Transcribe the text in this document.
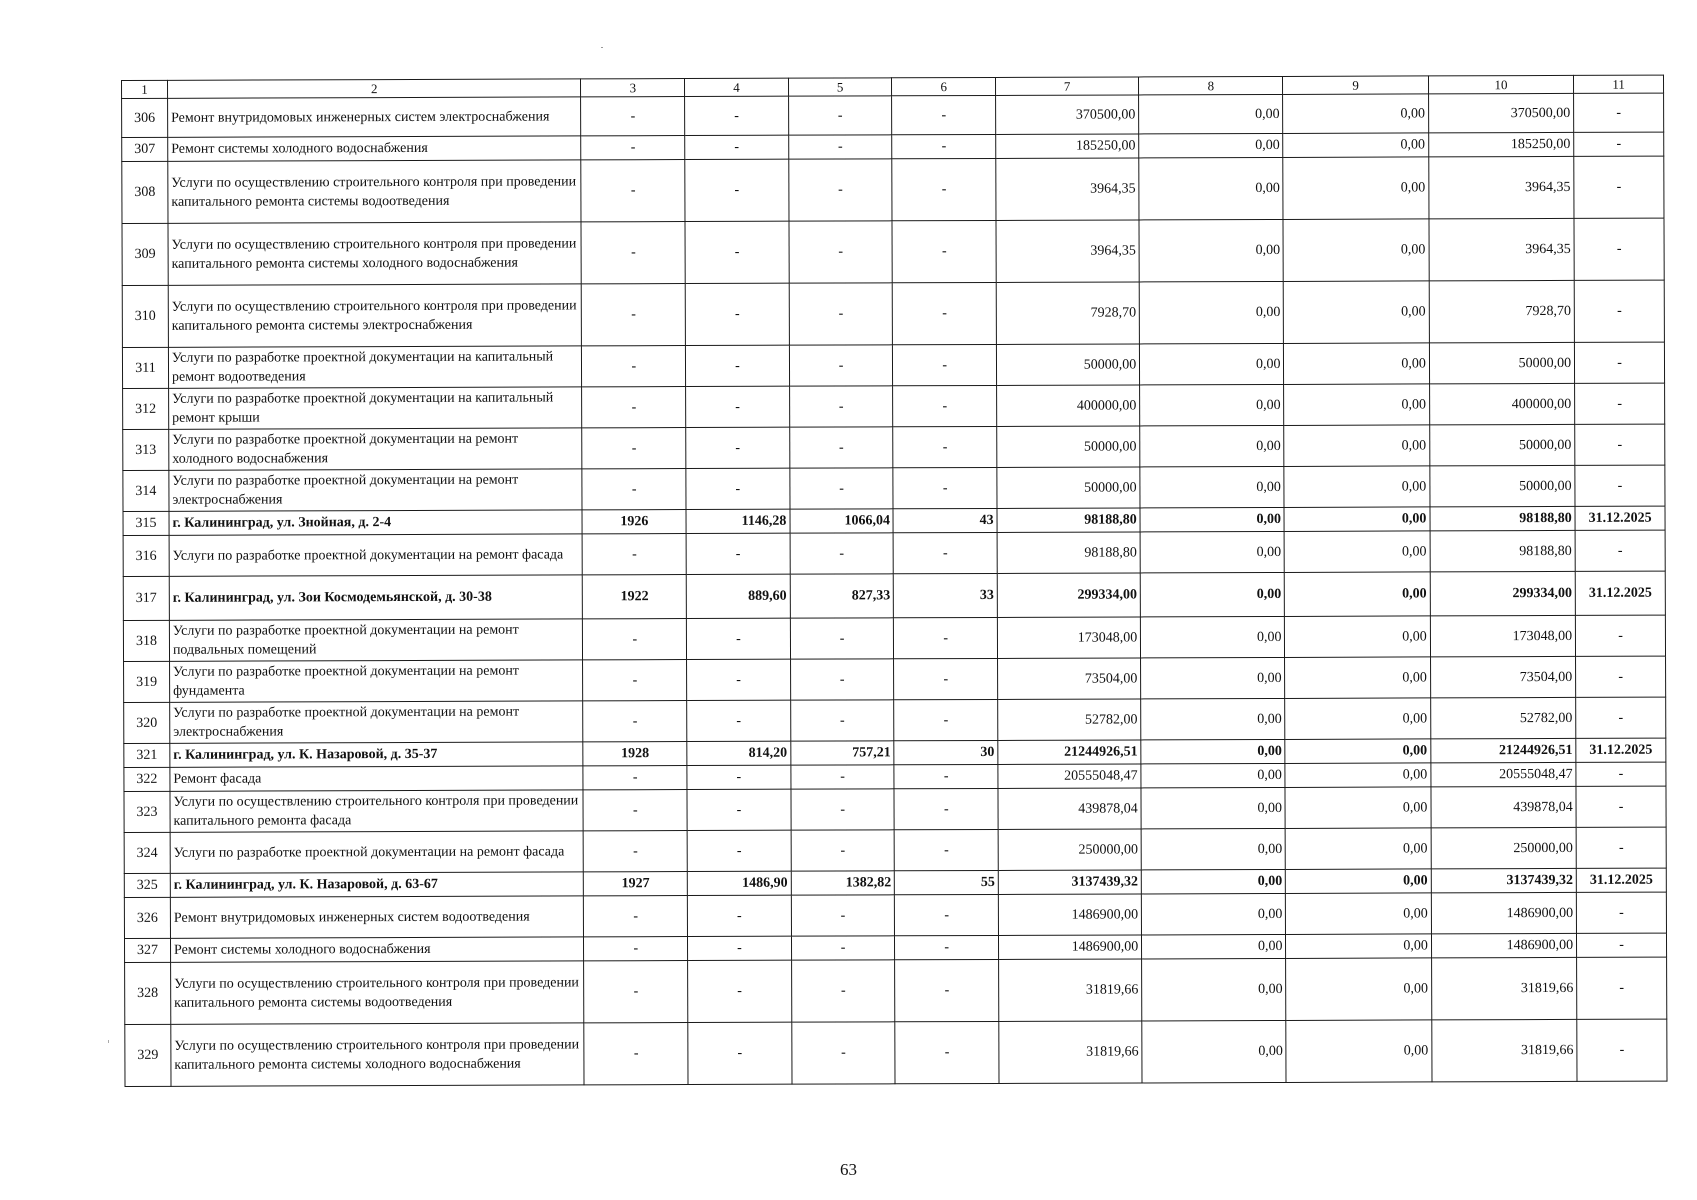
1	2	3	4	5	6	7	8	9	10	11
306	Ремонт внутридомовых инженерных систем электроснабжения	-	-	-	-	370500,00	0,00	0,00	370500,00	-
307	Ремонт системы холодного водоснабжения	-	-	-	-	185250,00	0,00	0,00	185250,00	-
308	Услуги по осуществлению строительного контроля при проведении капитального ремонта системы водоотведения	-	-	-	-	3964,35	0,00	0,00	3964,35	-
309	Услуги по осуществлению строительного контроля при проведении капитального ремонта системы холодного водоснабжения	-	-	-	-	3964,35	0,00	0,00	3964,35	-
310	Услуги по осуществлению строительного контроля при проведении капитального ремонта системы электроснабжения	-	-	-	-	7928,70	0,00	0,00	7928,70	-
311	Услуги по разработке проектной документации на капитальный ремонт водоотведения	-	-	-	-	50000,00	0,00	0,00	50000,00	-
312	Услуги по разработке проектной документации на капитальный ремонт крыши	-	-	-	-	400000,00	0,00	0,00	400000,00	-
313	Услуги по разработке проектной документации на ремонт холодного водоснабжения	-	-	-	-	50000,00	0,00	0,00	50000,00	-
314	Услуги по разработке проектной документации на ремонт электроснабжения	-	-	-	-	50000,00	0,00	0,00	50000,00	-
315	г. Калининград, ул. Знойная, д. 2-4	1926	1146,28	1066,04	43	98188,80	0,00	0,00	98188,80	31.12.2025
316	Услуги по разработке проектной документации на ремонт фасада	-	-	-	-	98188,80	0,00	0,00	98188,80	-
317	г. Калининград, ул. Зои Космодемьянской, д. 30-38	1922	889,60	827,33	33	299334,00	0,00	0,00	299334,00	31.12.2025
318	Услуги по разработке проектной документации на ремонт подвальных помещений	-	-	-	-	173048,00	0,00	0,00	173048,00	-
319	Услуги по разработке проектной документации на ремонт фундамента	-	-	-	-	73504,00	0,00	0,00	73504,00	-
320	Услуги по разработке проектной документации на ремонт электроснабжения	-	-	-	-	52782,00	0,00	0,00	52782,00	-
321	г. Калининград, ул. К. Назаровой, д. 35-37	1928	814,20	757,21	30	21244926,51	0,00	0,00	21244926,51	31.12.2025
322	Ремонт фасада	-	-	-	-	20555048,47	0,00	0,00	20555048,47	-
323	Услуги по осуществлению строительного контроля при проведении капитального ремонта фасада	-	-	-	-	439878,04	0,00	0,00	439878,04	-
324	Услуги по разработке проектной документации на ремонт фасада	-	-	-	-	250000,00	0,00	0,00	250000,00	-
325	г. Калининград, ул. К. Назаровой, д. 63-67	1927	1486,90	1382,82	55	3137439,32	0,00	0,00	3137439,32	31.12.2025
326	Ремонт внутридомовых инженерных систем водоотведения	-	-	-	-	1486900,00	0,00	0,00	1486900,00	-
327	Ремонт системы холодного водоснабжения	-	-	-	-	1486900,00	0,00	0,00	1486900,00	-
328	Услуги по осуществлению строительного контроля при проведении капитального ремонта системы водоотведения	-	-	-	-	31819,66	0,00	0,00	31819,66	-
329	Услуги по осуществлению строительного контроля при проведении капитального ремонта системы холодного водоснабжения	-	-	-	-	31819,66	0,00	0,00	31819,66	-
63
